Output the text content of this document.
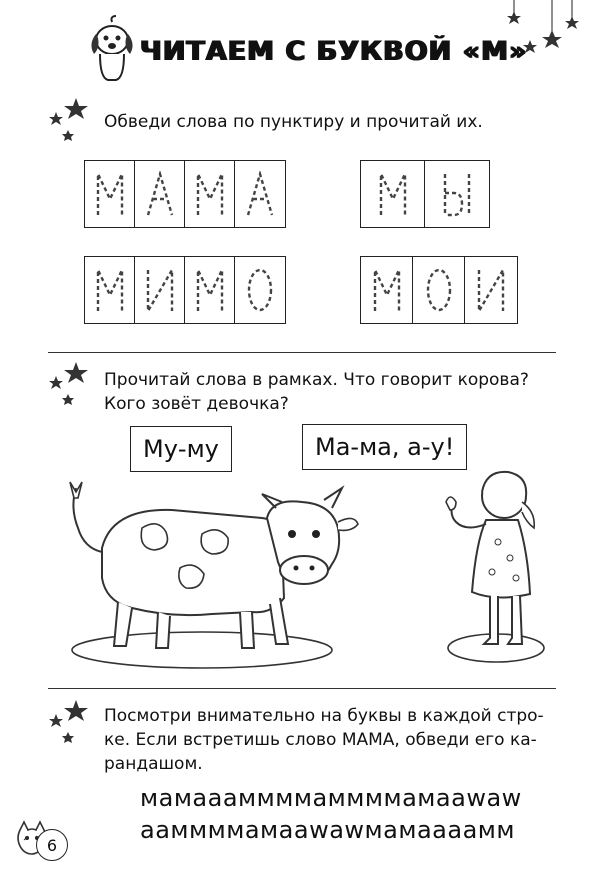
ЧИТАЕМ С БУКВОЙ «М»
Обведи слова по пунктиру и прочитай их.
Прочитай слова в рамках. Что говорит корова?
Кого зовёт девочка?
Му-му	Ма-ма, а-у!
Посмотри внимательно на буквы в каждой стро-
ке. Если встретишь слово МАМА, обведи его ка-
рандашом.
мамаaaммммаммммамаawaw
aaммммамаawawмамаaaaмм
6
